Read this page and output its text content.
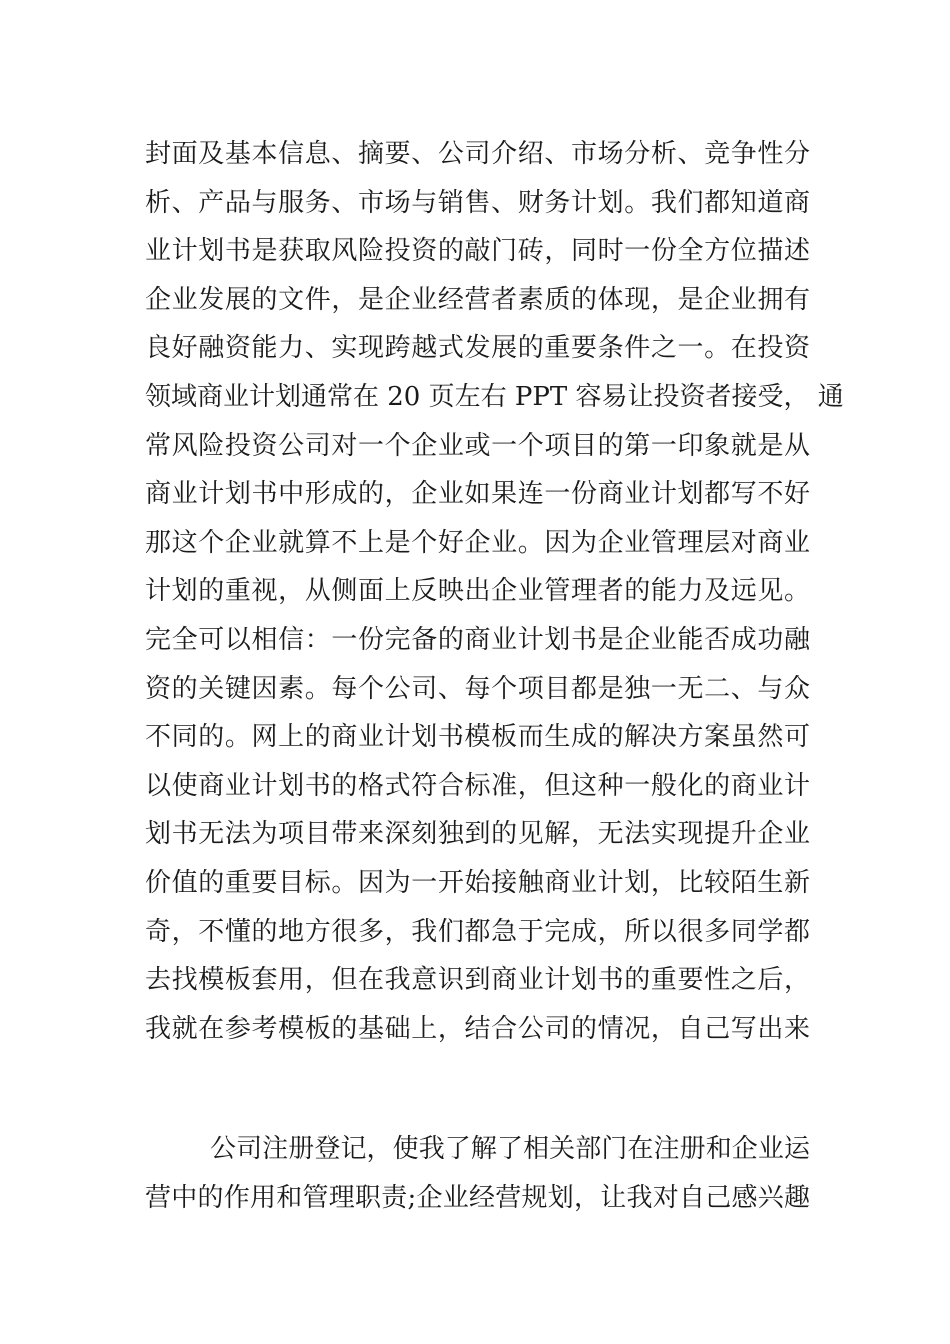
封面及基本信息、摘要、公司介绍、市场分析、竞争性分
析、产品与服务、市场与销售、财务计划。我们都知道商
业计划书是获取风险投资的敲门砖，同时一份全方位描述
企业发展的文件，是企业经营者素质的体现，是企业拥有
良好融资能力、实现跨越式发展的重要条件之一。在投资
领域商业计划通常在 20 页左右 PPT 容易让投资者接受， 通
常风险投资公司对一个企业或一个项目的第一印象就是从
商业计划书中形成的，企业如果连一份商业计划都写不好
那这个企业就算不上是个好企业。因为企业管理层对商业
计划的重视，从侧面上反映出企业管理者的能力及远见。
完全可以相信：一份完备的商业计划书是企业能否成功融
资的关键因素。每个公司、每个项目都是独一无二、与众
不同的。网上的商业计划书模板而生成的解决方案虽然可
以使商业计划书的格式符合标准，但这种一般化的商业计
划书无法为项目带来深刻独到的见解，无法实现提升企业
价值的重要目标。因为一开始接触商业计划，比较陌生新
奇，不懂的地方很多，我们都急于完成，所以很多同学都
去找模板套用，但在我意识到商业计划书的重要性之后，
我就在参考模板的基础上，结合公司的情况，自己写出来

公司注册登记，使我了解了相关部门在注册和企业运
营中的作用和管理职责;企业经营规划，让我对自己感兴趣
